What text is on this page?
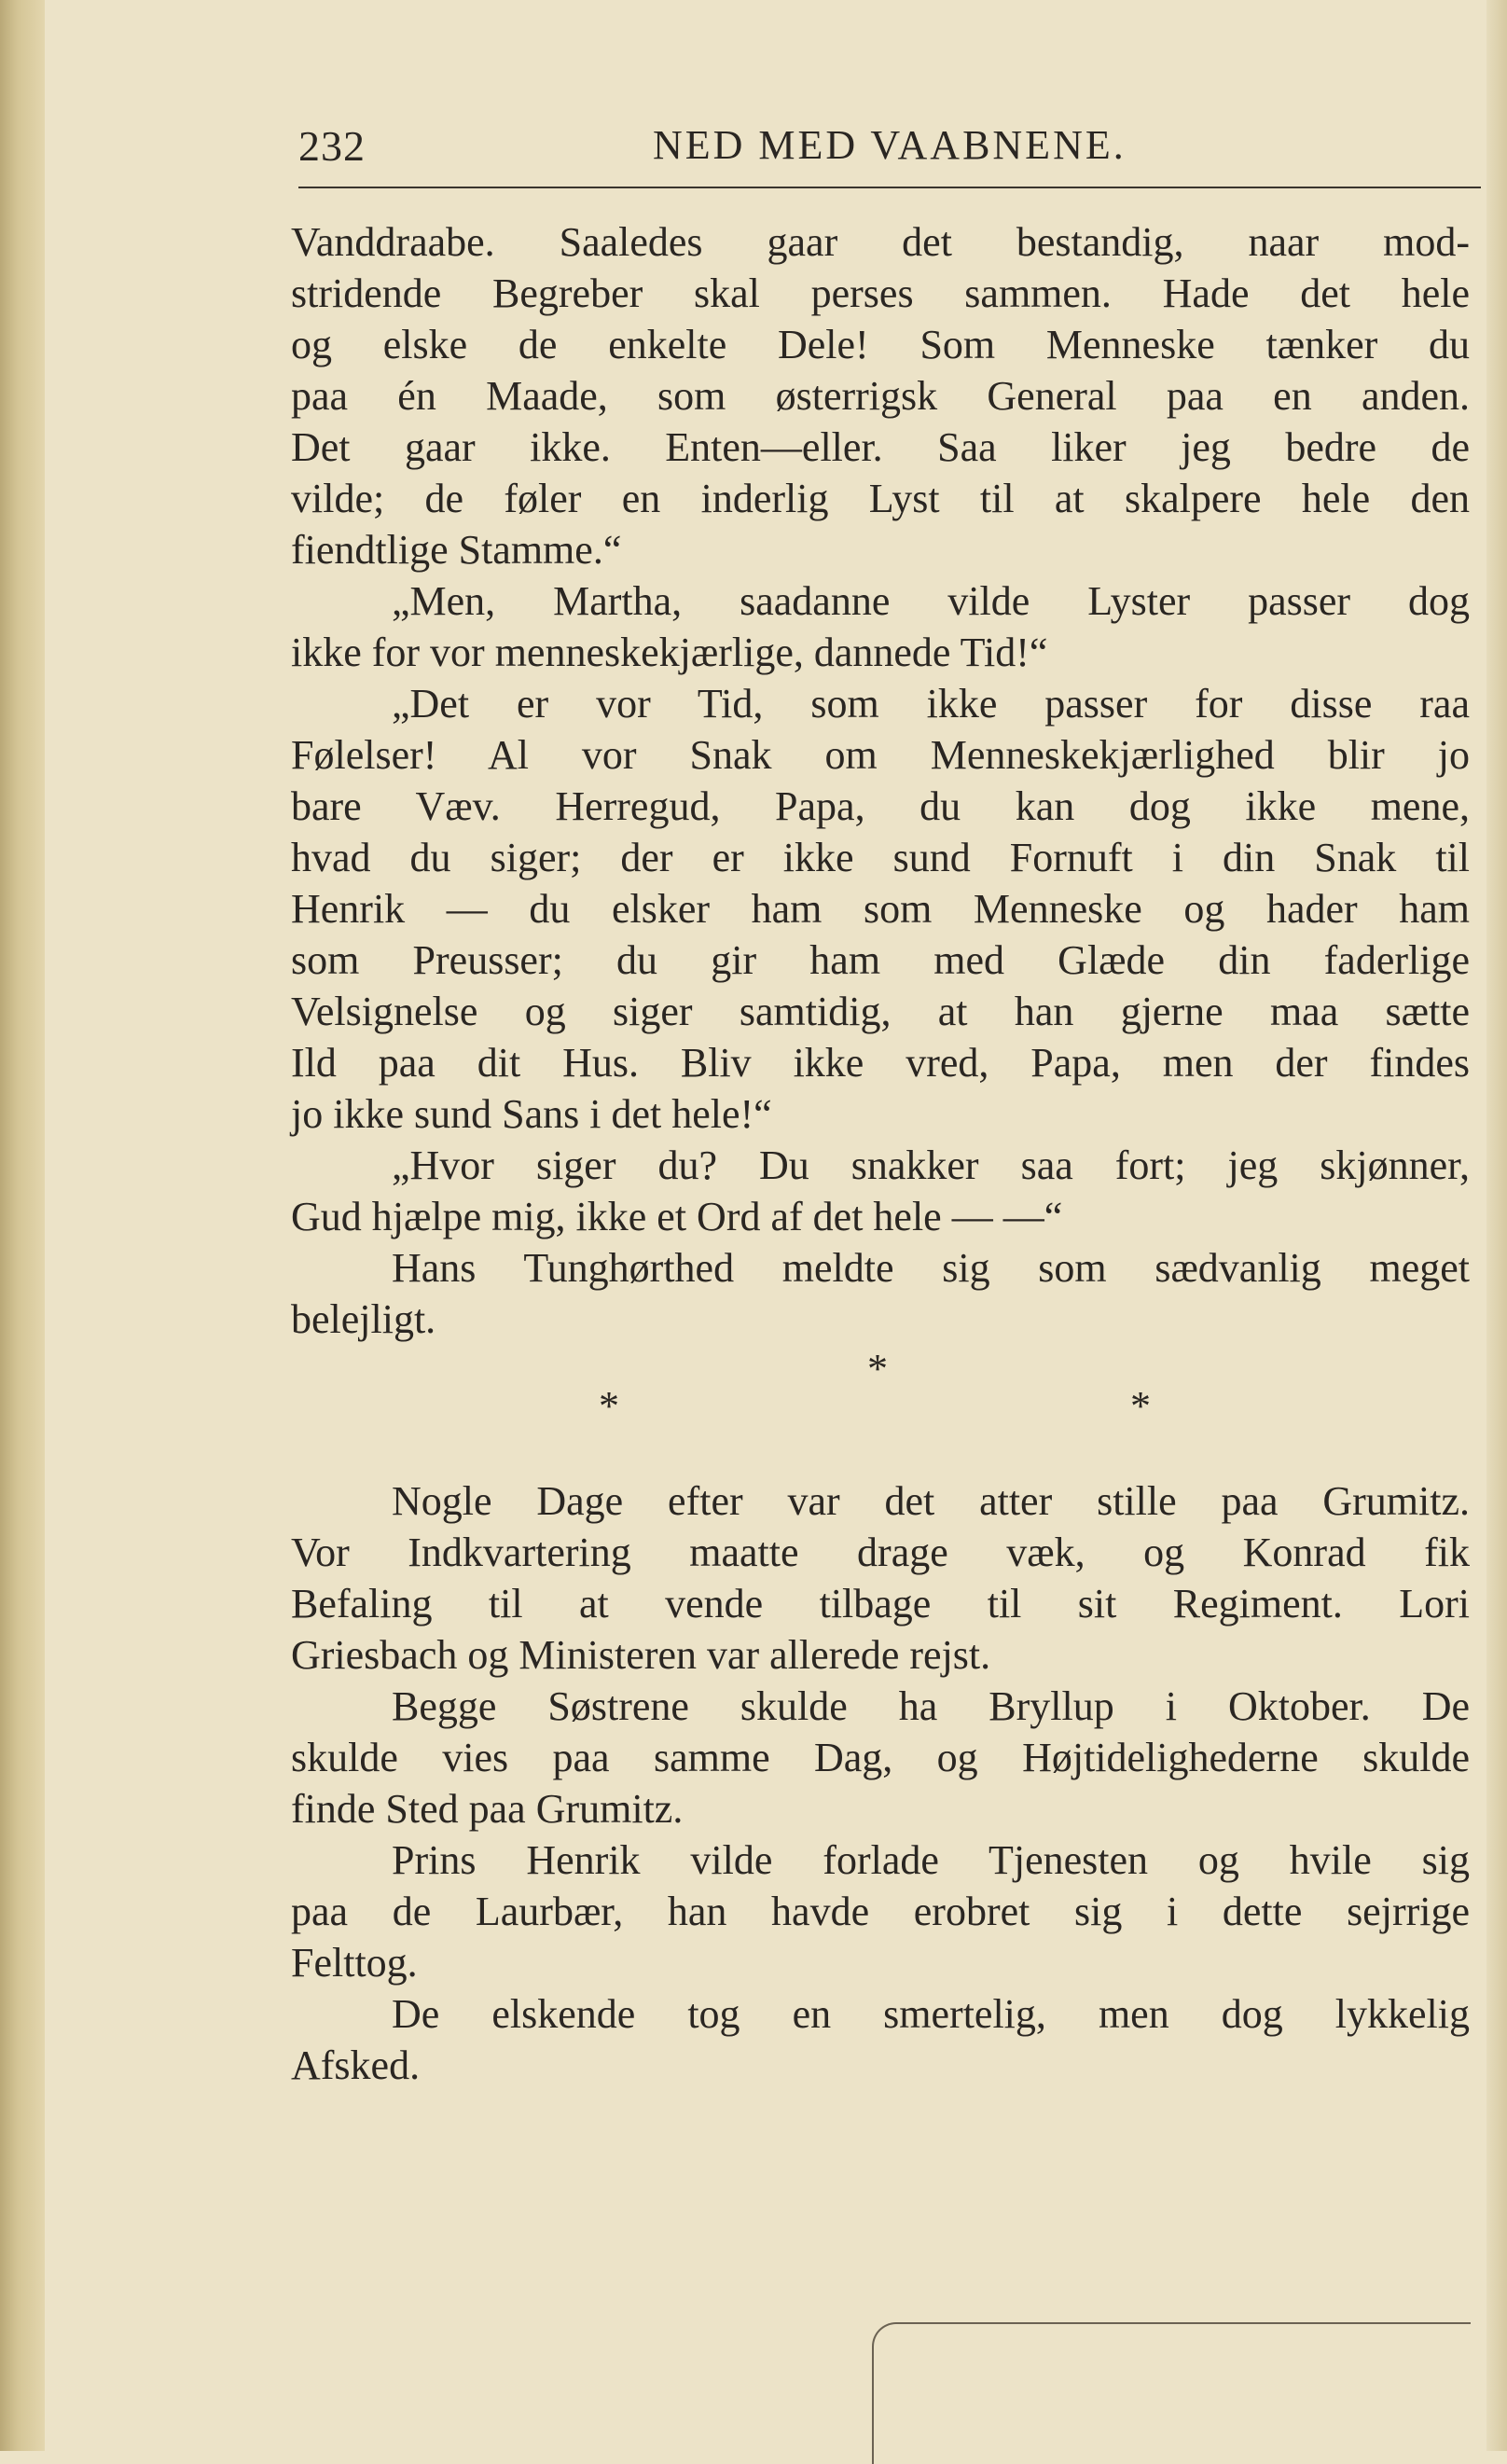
232	NED MED VAABNENE.
Vanddraabe. Saaledes gaar det bestandig, naar mod-
stridende Begreber skal perses sammen. Hade det hele
og elske de enkelte Dele! Som Menneske tænker du
paa én Maade, som østerrigsk General paa en anden.
Det gaar ikke. Enten—eller. Saa liker jeg bedre de
vilde; de føler en inderlig Lyst til at skalpere hele den
fiendtlige Stamme.“
„Men, Martha, saadanne vilde Lyster passer dog
ikke for vor menneskekjærlige, dannede Tid!“
„Det er vor Tid, som ikke passer for disse raa
Følelser! Al vor Snak om Menneskekjærlighed blir jo
bare Væv. Herregud, Papa, du kan dog ikke mene,
hvad du siger; der er ikke sund Fornuft i din Snak til
Henrik — du elsker ham som Menneske og hader ham
som Preusser; du gir ham med Glæde din faderlige
Velsignelse og siger samtidig, at han gjerne maa sætte
Ild paa dit Hus. Bliv ikke vred, Papa, men der findes
jo ikke sund Sans i det hele!“
„Hvor siger du? Du snakker saa fort; jeg skjønner,
Gud hjælpe mig, ikke et Ord af det hele — —“
Hans Tunghørthed meldte sig som sædvanlig meget
belejligt.
*
*	*
Nogle Dage efter var det atter stille paa Grumitz.
Vor Indkvartering maatte drage væk, og Konrad fik
Befaling til at vende tilbage til sit Regiment. Lori
Griesbach og Ministeren var allerede rejst.
Begge Søstrene skulde ha Bryllup i Oktober. De
skulde vies paa samme Dag, og Højtidelighederne skulde
finde Sted paa Grumitz.
Prins Henrik vilde forlade Tjenesten og hvile sig
paa de Laurbær, han havde erobret sig i dette sejrrige
Felttog.
De elskende tog en smertelig, men dog lykkelig
Afsked.
